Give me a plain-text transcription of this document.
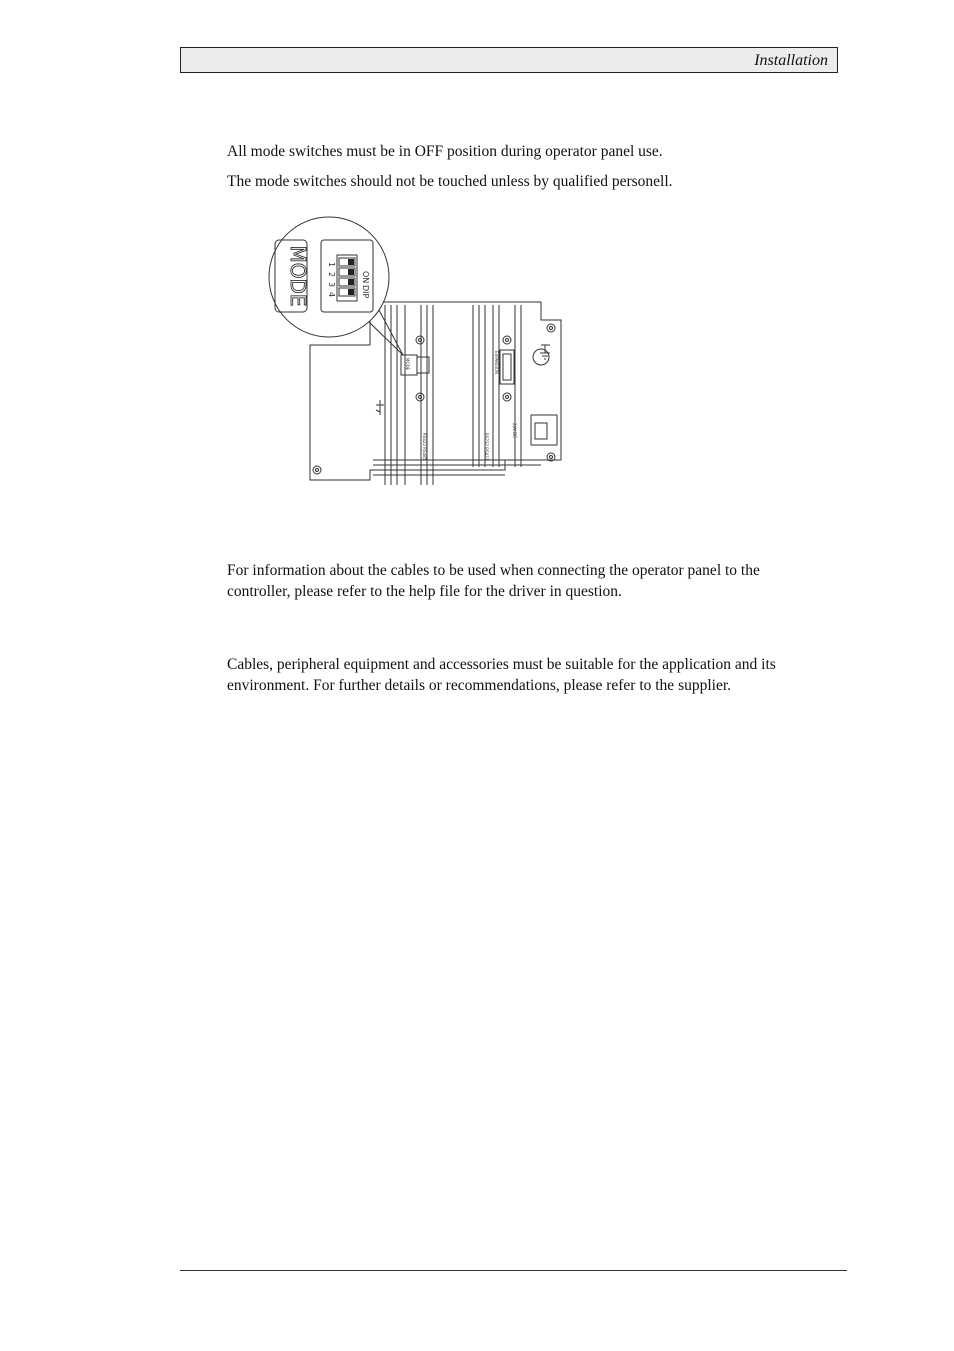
Installation

All mode switches must be in OFF position during operator panel use.

The mode switches should not be touched unless by qualified personell.

MODE	ON
DIP
1
2
3
4
MODE	EXPANSION
RS422 RS485	RS232 RS422
24V DC

For information about the cables to be used when connecting the operator panel to the controller, please refer to the help file for the driver in question.

Cables, peripheral equipment and accessories must be suitable for the application and its environment. For further details or recommendations, please refer to the supplier.
